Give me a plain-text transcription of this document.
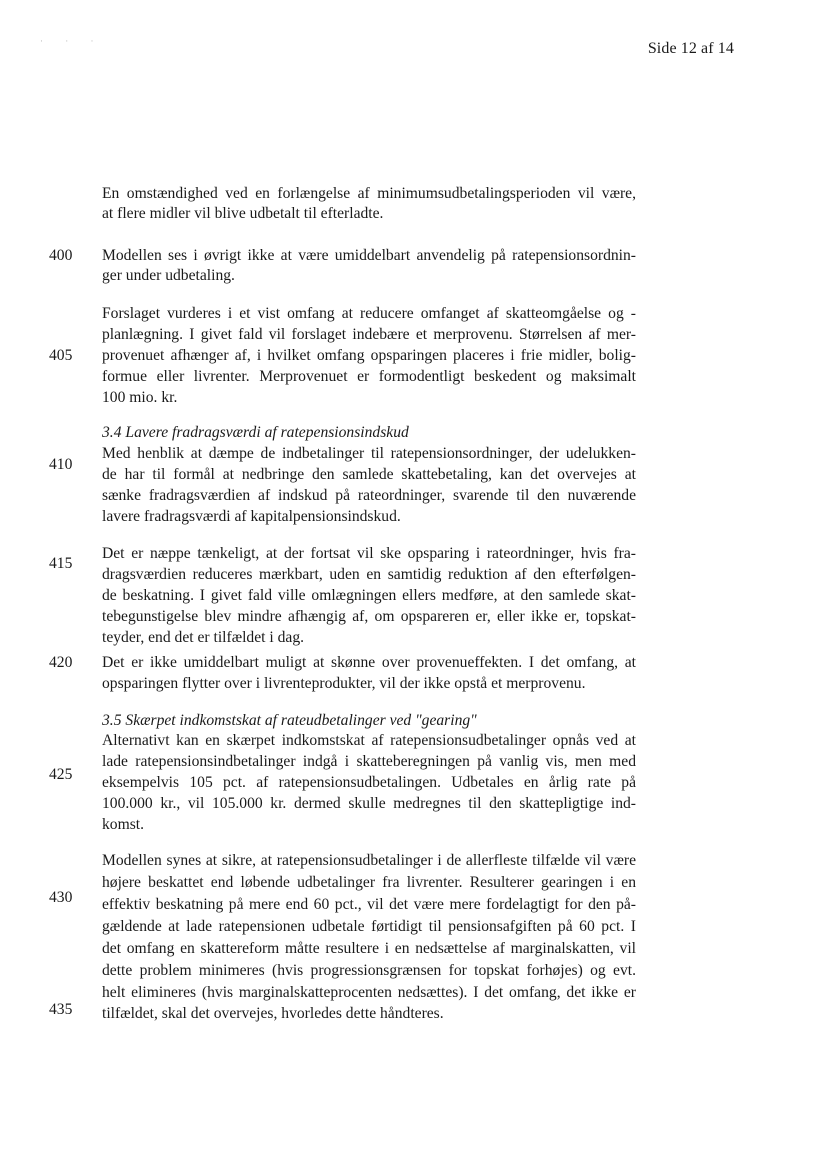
· · ·	Side 12 af 14
400
405
410
415
420
425
430
435
En omstændighed ved en forlængelse af minimumsudbetalingsperioden vil være,
at flere midler vil blive udbetalt til efterladte.
Modellen ses i øvrigt ikke at være umiddelbart anvendelig på ratepensionsordnin-
ger under udbetaling.
Forslaget vurderes i et vist omfang at reducere omfanget af skatteomgåelse og -
planlægning. I givet fald vil forslaget indebære et merprovenu. Størrelsen af mer-
provenuet afhænger af, i hvilket omfang opsparingen placeres i frie midler, bolig-
formue eller livrenter. Merprovenuet er formodentligt beskedent og maksimalt
100 mio. kr.
3.4 Lavere fradragsværdi af ratepensionsindskud
Med henblik at dæmpe de indbetalinger til ratepensionsordninger, der udelukken-
de har til formål at nedbringe den samlede skattebetaling, kan det overvejes at
sænke fradragsværdien af indskud på rateordninger, svarende til den nuværende
lavere fradragsværdi af kapitalpensionsindskud.
Det er næppe tænkeligt, at der fortsat vil ske opsparing i rateordninger, hvis fra-
dragsværdien reduceres mærkbart, uden en samtidig reduktion af den efterfølgen-
de beskatning. I givet fald ville omlægningen ellers medføre, at den samlede skat-
tebegunstigelse blev mindre afhængig af, om opspareren er, eller ikke er, topskat-
teyder, end det er tilfældet i dag.
Det er ikke umiddelbart muligt at skønne over provenueffekten. I det omfang, at
opsparingen flytter over i livrenteprodukter, vil der ikke opstå et merprovenu.
3.5 Skærpet indkomstskat af rateudbetalinger ved "gearing"
Alternativt kan en skærpet indkomstskat af ratepensionsudbetalinger opnås ved at
lade ratepensionsindbetalinger indgå i skatteberegningen på vanlig vis, men med
eksempelvis 105 pct. af ratepensionsudbetalingen. Udbetales en årlig rate på
100.000 kr., vil 105.000 kr. dermed skulle medregnes til den skattepligtige ind-
komst.
Modellen synes at sikre, at ratepensionsudbetalinger i de allerfleste tilfælde vil være
højere beskattet end løbende udbetalinger fra livrenter. Resulterer gearingen i en
effektiv beskatning på mere end 60 pct., vil det være mere fordelagtigt for den på-
gældende at lade ratepensionen udbetale førtidigt til pensionsafgiften på 60 pct. I
det omfang en skattereform måtte resultere i en nedsættelse af marginalskatten, vil
dette problem minimeres (hvis progressionsgrænsen for topskat forhøjes) og evt.
helt elimineres (hvis marginalskatteprocenten nedsættes). I det omfang, det ikke er
tilfældet, skal det overvejes, hvorledes dette håndteres.
